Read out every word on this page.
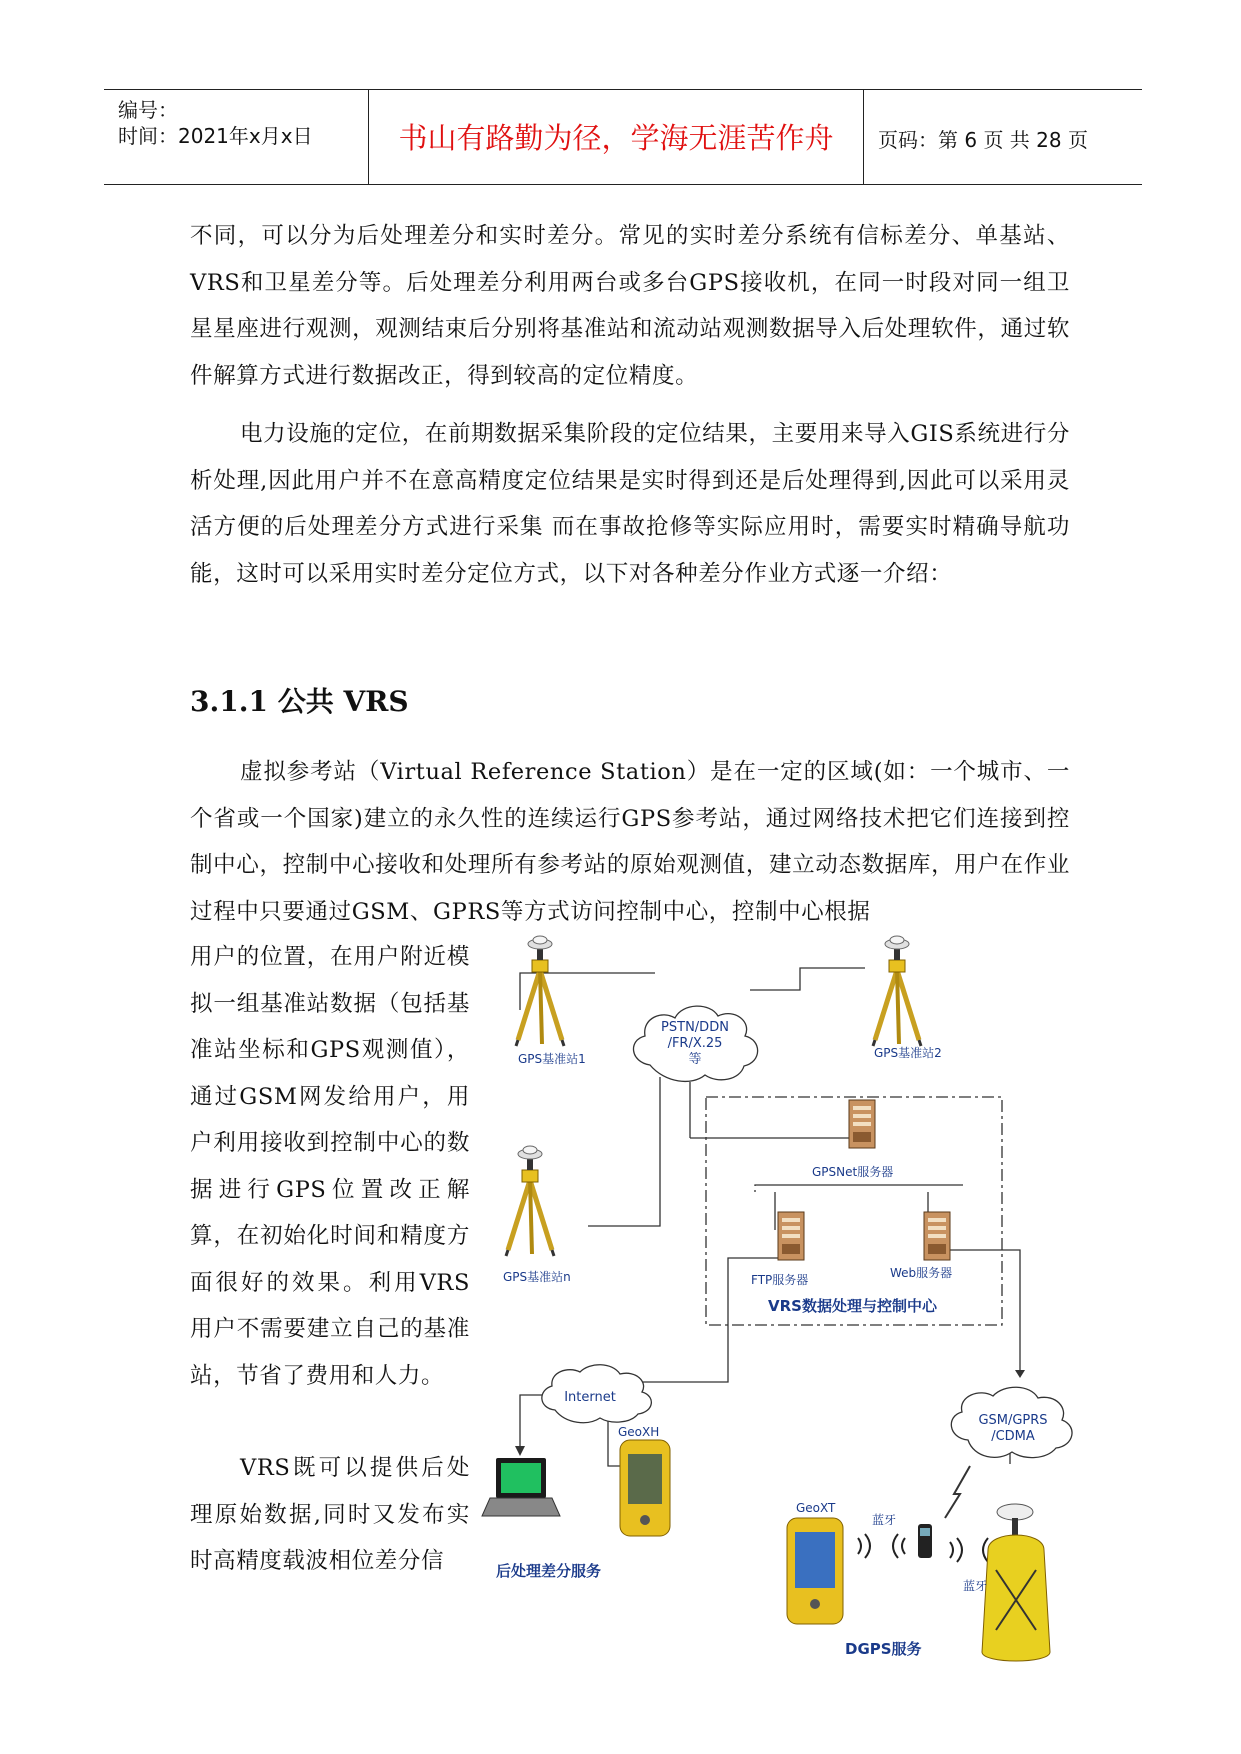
编号：
时间：2021年x月x日	书山有路勤为径，学海无涯苦作舟	页码：第 6 页 共 28 页

不同，可以分为后处理差分和实时差分。常见的实时差分系统有信标差分、单基站、VRS和卫星差分等。后处理差分利用两台或多台GPS接收机，在同一时段对同一组卫星星座进行观测，观测结束后分别将基准站和流动站观测数据导入后处理软件，通过软件解算方式进行数据改正，得到较高的定位精度。

电力设施的定位，在前期数据采集阶段的定位结果，主要用来导入GIS系统进行分析处理,因此用户并不在意高精度定位结果是实时得到还是后处理得到,因此可以采用灵活方便的后处理差分方式进行采集 而在事故抢修等实际应用时，需要实时精确导航功能，这时可以采用实时差分定位方式，以下对各种差分作业方式逐一介绍：

3.1.1 公共 VRS

虚拟参考站（Virtual Reference Station）是在一定的区域(如：一个城市、一个省或一个国家)建立的永久性的连续运行GPS参考站，通过网络技术把它们连接到控制中心，控制中心接收和处理所有参考站的原始观测值，建立动态数据库，用户在作业过程中只要通过GSM、GPRS等方式访问控制中心，控制中心根据

用户的位置，在用户附近模拟一组基准站数据（包括基准站坐标和GPS观测值），通过GSM网发给用户，用户利用接收到控制中心的数据进行GPS位置改正解算，在初始化时间和精度方面很好的效果。利用VRS用户不需要建立自己的基准站，节省了费用和人力。

VRS既可以提供后处理原始数据,同时又发布实时高精度载波相位差分信

GPS基准站1	GPS基准站2
GPS基准站n
PSTN/DDN
/FR/X.25
等
GPSNet服务器
FTP服务器	Web服务器
VRS数据处理与控制中心
Internet
GSM/GPRS
/CDMA
GeoXH
GeoXT
蓝牙
蓝牙
后处理差分服务
DGPS服务
